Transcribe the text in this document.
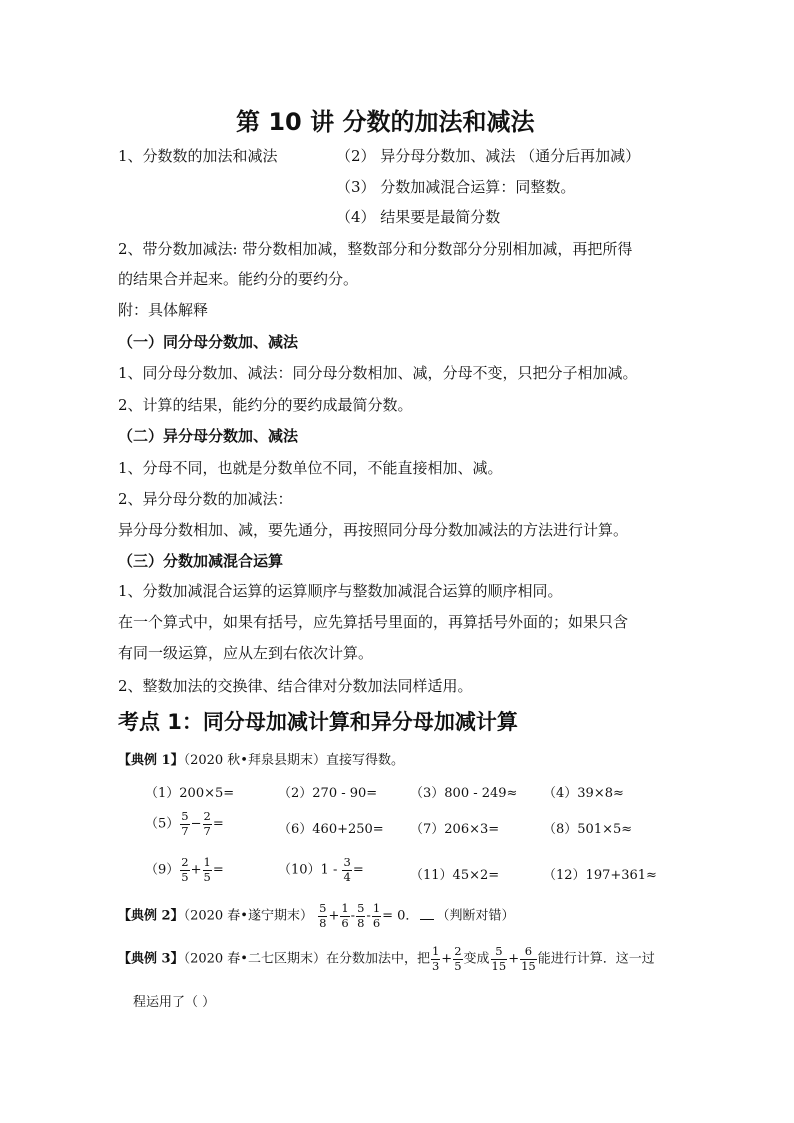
第 10 讲 分数的加法和减法
1、分数数的加法和减法	（2） 异分母分数加、减法 （通分后再加减）
（3） 分数加减混合运算：同整数。
（4） 结果要是最简分数
2、带分数加减法: 带分数相加减，整数部分和分数部分分别相加减，再把所得
的结果合并起来。能约分的要约分。
附：具体解释
（一）同分母分数加、减法
1、同分母分数加、减法：同分母分数相加、减，分母不变，只把分子相加减。
2、计算的结果，能约分的要约成最简分数。
（二）异分母分数加、减法
1、分母不同，也就是分数单位不同，不能直接相加、减。
2、异分母分数的加减法：
异分母分数相加、减，要先通分，再按照同分母分数加减法的方法进行计算。
（三）分数加减混合运算
1、分数加减混合运算的运算顺序与整数加减混合运算的顺序相同。
在一个算式中，如果有括号，应先算括号里面的，再算括号外面的；如果只含
有同一级运算，应从左到右依次计算。
2、整数加法的交换律、结合律对分数加法同样适用。
考点 1：同分母加减计算和异分母加减计算
【典例 1】（2020 秋•拜泉县期末）直接写得数。
（1）200×5=	（2）270 - 90=	（3）800 - 249≈ （4）39×8≈
$(5) \frac{5}{7} - \frac{2}{7}$ =	（6）460+250= （7）206×3=	（8）501×5≈
$(9) \frac{2}{5} + \frac{1}{5}$ =	$(10)1 - \frac{3}{4}$ =	（11）45×2=	（12）197+361≈
【典例 2】（2020 春•遂宁期末） $\frac{5}{8} + \frac{1}{6} - \frac{5}{8} - \frac{1}{6} = 0$． （判断对错）
【典例 3】（2020 春•二七区期末）在分数加法中，把 $\frac{1}{3} + \frac{2}{5}$ 变成 $\frac{5}{15} + \frac{6}{15}$ 能进行计算．这一过
程运用了（ ）
